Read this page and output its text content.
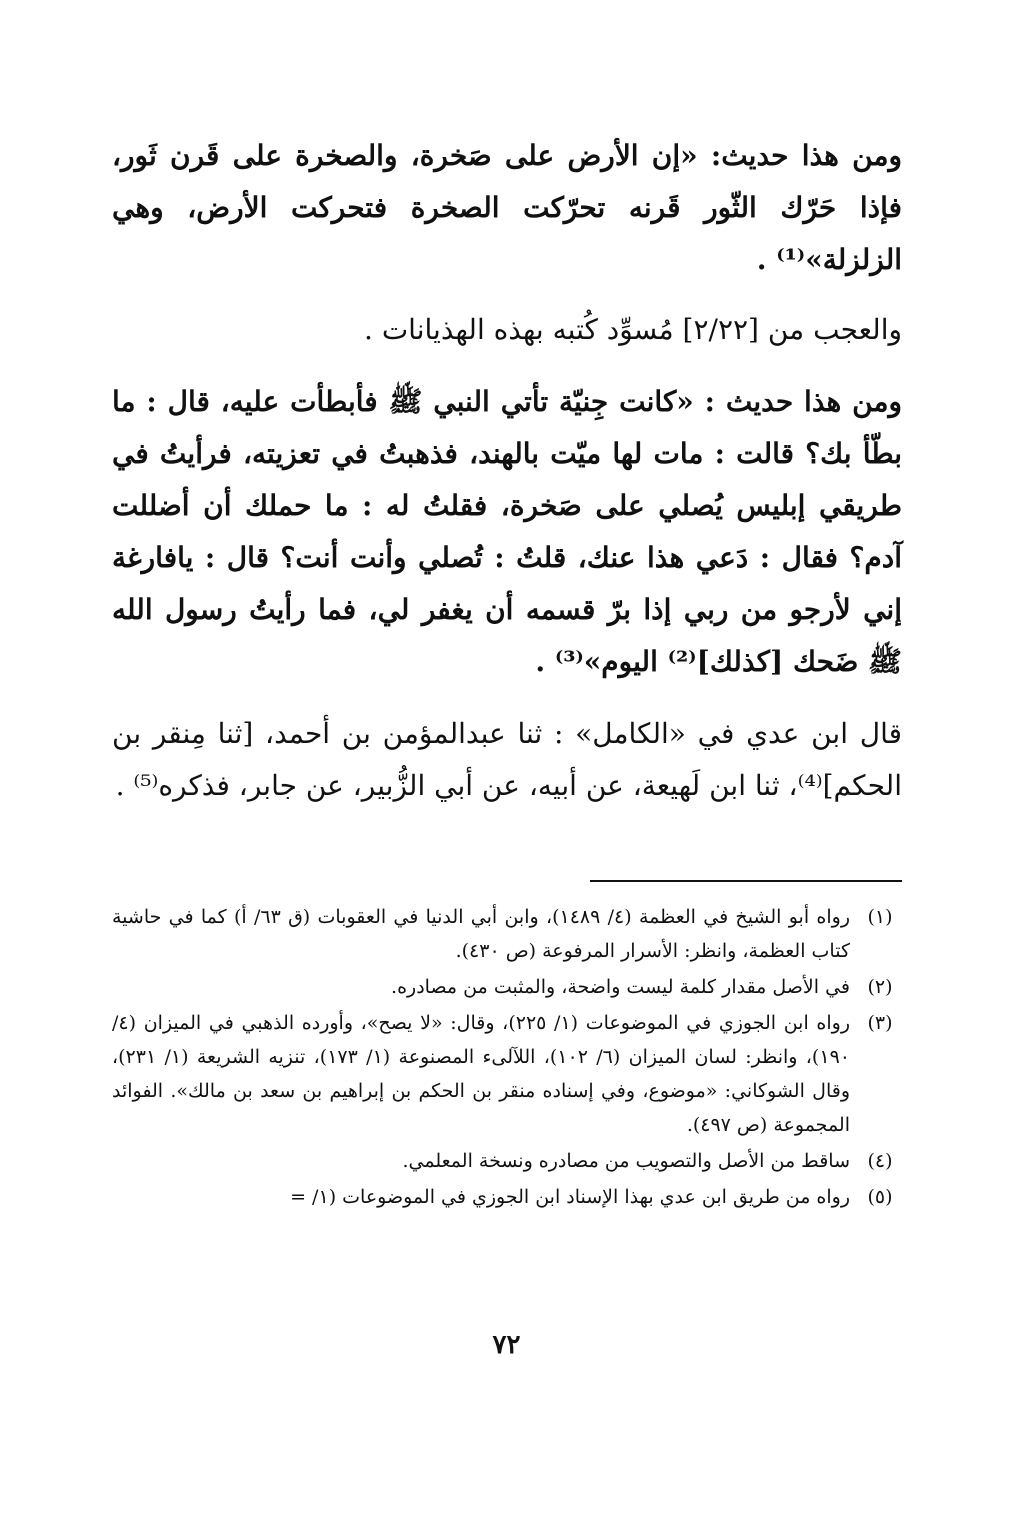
ومن هذا حديث: «إن الأرض على صَخرة، والصخرة على قَرن ثَور، فإذا حَرّك الثّور قَرنه تحرّكت الصخرة فتحركت الأرض، وهي الزلزلة»⁽¹⁾ .

والعجب من [٢/٢٢] مُسوِّد كُتبه بهذه الهذيانات .

ومن هذا حديث : «كانت جِنيّة تأتي النبي ﷺ فأبطأت عليه، قال : ما بطّأ بك؟ قالت : مات لها ميّت بالهند، فذهبتُ في تعزيته، فرأيتُ في طريقي إبليس يُصلي على صَخرة، فقلتُ له : ما حملك أن أضللت آدم؟ فقال : دَعي هذا عنك، قلتُ : تُصلي وأنت أنت؟ قال : يافارغة إني لأرجو من ربي إذا برّ قسمه أن يغفر لي، فما رأيتُ رسول الله ﷺ ضَحك [كذلك]⁽²⁾ اليوم»⁽³⁾ .

قال ابن عدي في «الكامل» : ثنا عبدالمؤمن بن أحمد، [ثنا مِنقر بن الحكم]⁽⁴⁾، ثنا ابن لَهيعة، عن أبيه، عن أبي الزُّبير، عن جابر، فذكره⁽⁵⁾ .

(١)
رواه أبو الشيخ في العظمة (٤/ ١٤٨٩)، وابن أبي الدنيا في العقوبات (ق ٦٣/ أ) كما في حاشية كتاب العظمة، وانظر: الأسرار المرفوعة (ص ٤٣٠).
(٢)
في الأصل مقدار كلمة ليست واضحة، والمثبت من مصادره.
(٣)
رواه ابن الجوزي في الموضوعات (١/ ٢٢٥)، وقال: «لا يصح»، وأورده الذهبي في الميزان (٤/ ١٩٠)، وانظر: لسان الميزان (٦/ ١٠٢)، اللآلىء المصنوعة (١/ ١٧٣)، تنزيه الشريعة (١/ ٢٣١)، وقال الشوكاني: «موضوع، وفي إسناده منقر بن الحكم بن إبراهيم بن سعد بن مالك». الفوائد المجموعة (ص ٤٩٧).
(٤)
ساقط من الأصل والتصويب من مصادره ونسخة المعلمي.
(٥)
رواه من طريق ابن عدي بهذا الإسناد ابن الجوزي في الموضوعات (١/ =
٧٢
